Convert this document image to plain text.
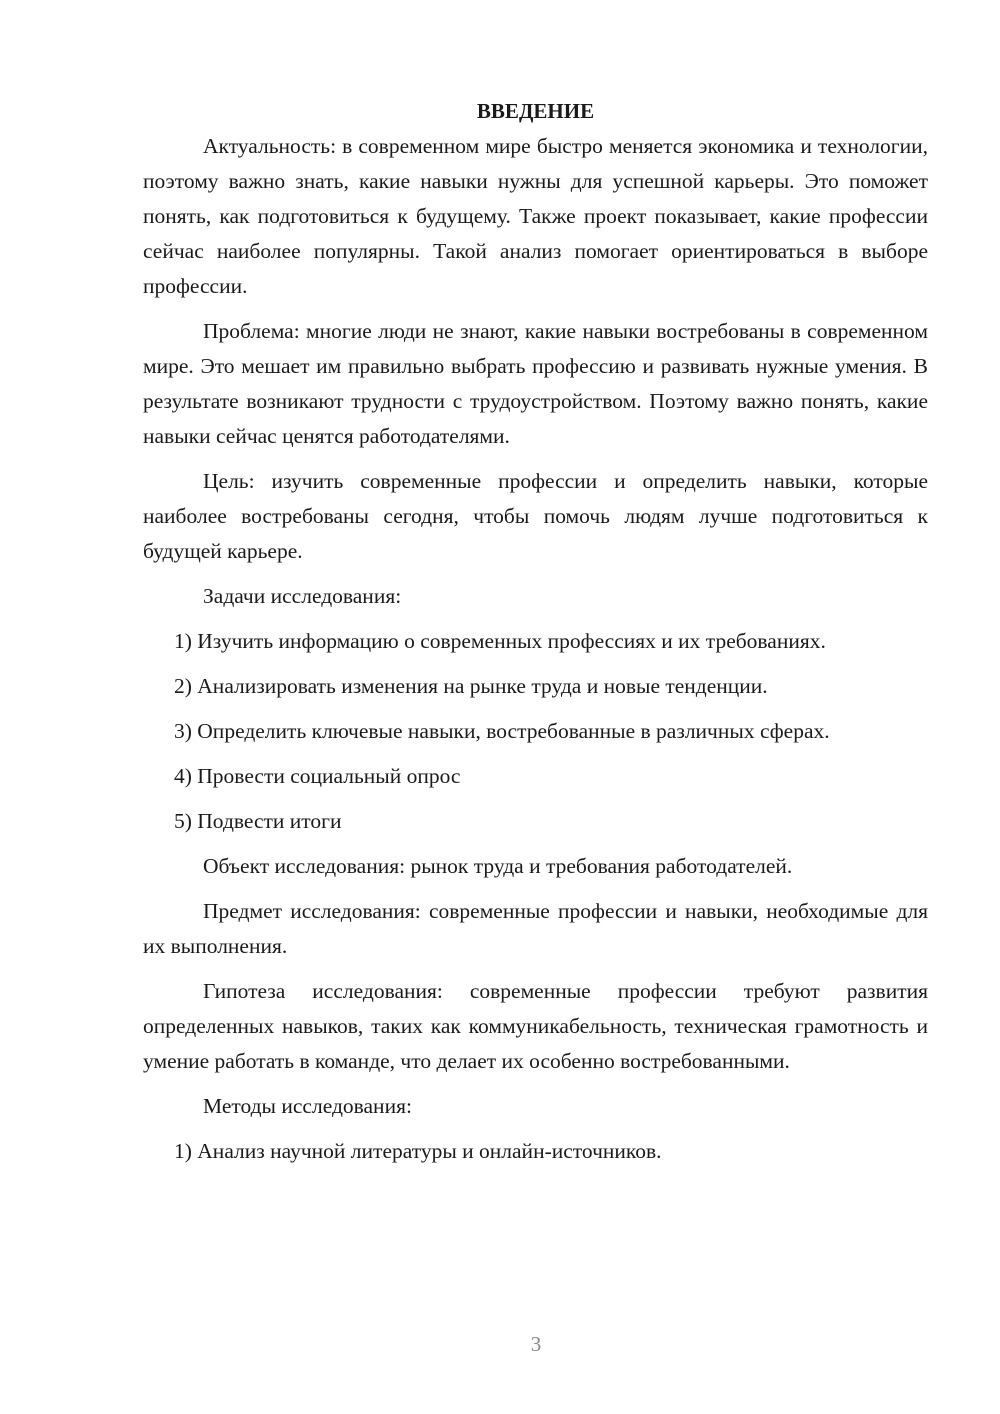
ВВЕДЕНИЕ

Актуальность: в современном мире быстро меняется экономика и технологии, поэтому важно знать, какие навыки нужны для успешной карьеры. Это поможет понять, как подготовиться к будущему. Также проект показывает, какие профессии сейчас наиболее популярны. Такой анализ помогает ориентироваться в выборе профессии.

Проблема: многие люди не знают, какие навыки востребованы в современном мире. Это мешает им правильно выбрать профессию и развивать нужные умения. В результате возникают трудности с трудоустройством. Поэтому важно понять, какие навыки сейчас ценятся работодателями.

Цель: изучить современные профессии и определить навыки, которые наиболее востребованы сегодня, чтобы помочь людям лучше подготовиться к будущей карьере.

Задачи исследования:

1) Изучить информацию о современных профессиях и их требованиях.

2) Анализировать изменения на рынке труда и новые тенденции.

3) Определить ключевые навыки, востребованные в различных сферах.

4) Провести социальный опрос

5) Подвести итоги

Объект исследования: рынок труда и требования работодателей.

Предмет исследования: современные профессии и навыки, необходимые для их выполнения.

Гипотеза исследования: современные профессии требуют развития определенных навыков, таких как коммуникабельность, техническая грамотность и умение работать в команде, что делает их особенно востребованными.

Методы исследования:

1) Анализ научной литературы и онлайн-источников.

3
